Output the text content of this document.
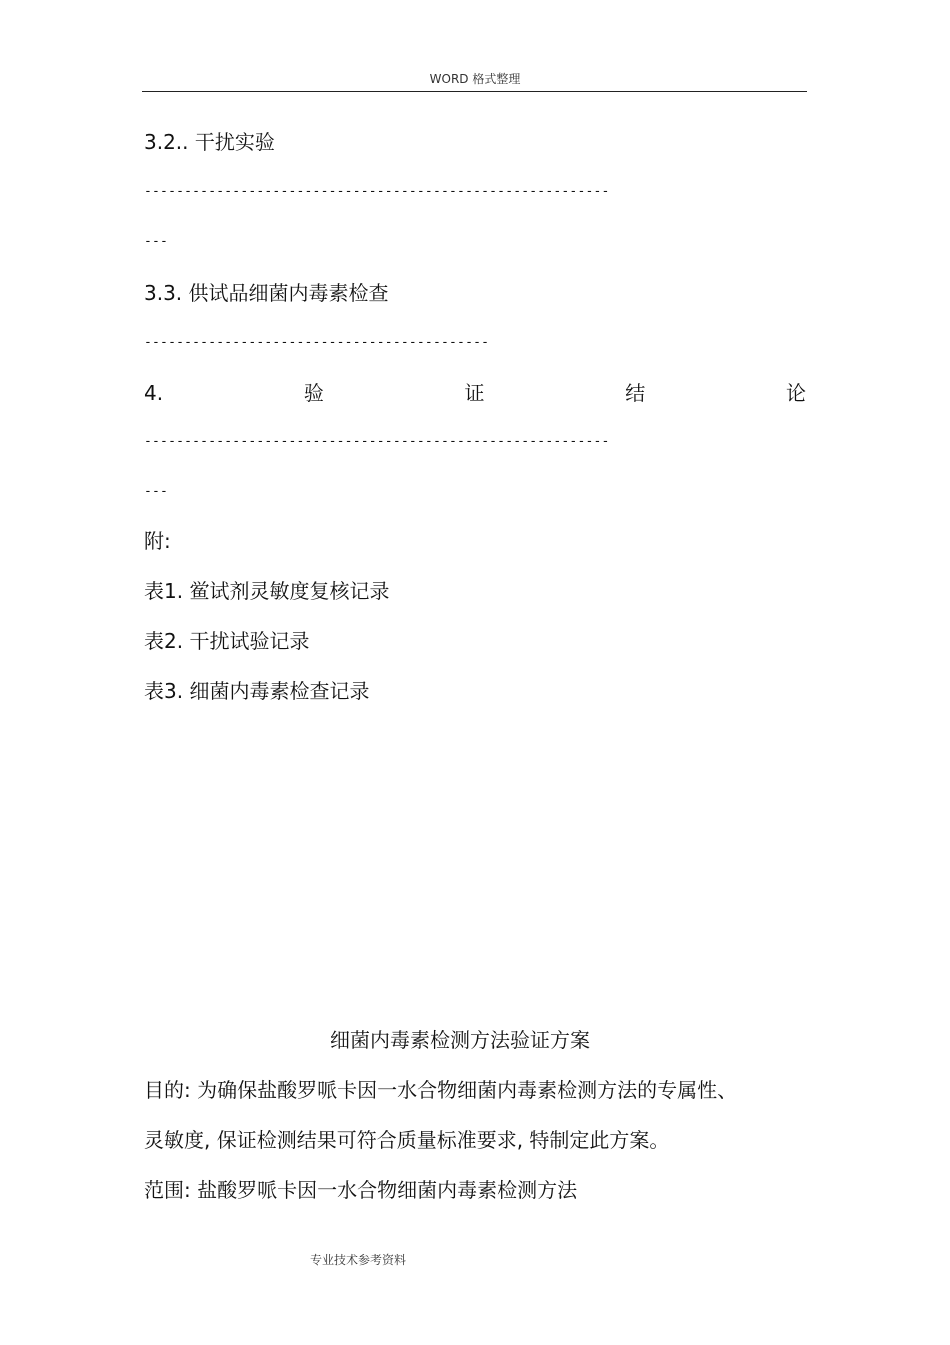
WORD 格式整理
3.2.. 干扰实验
----------------------------------------------------------
---
3.3. 供试品细菌内毒素检查
-------------------------------------------
4.	验	证	结	论
----------------------------------------------------------
---
附:
表1. 鲎试剂灵敏度复核记录
表2. 干扰试验记录
表3. 细菌内毒素检查记录
细菌内毒素检测方法验证方案
目的: 为确保盐酸罗哌卡因一水合物细菌内毒素检测方法的专属性、
灵敏度, 保证检测结果可符合质量标准要求, 特制定此方案。
范围: 盐酸罗哌卡因一水合物细菌内毒素检测方法
专业技术参考资料
